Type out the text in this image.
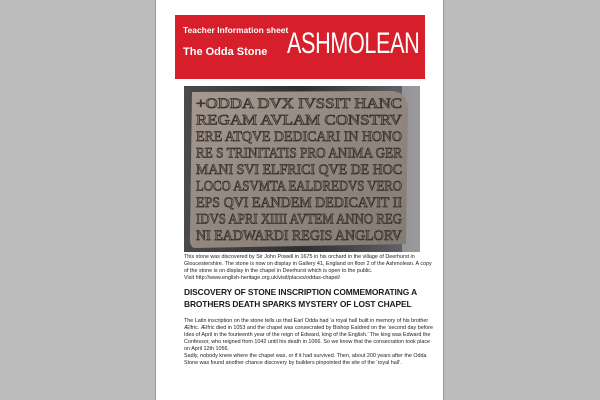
Teacher Information sheet
The Odda Stone ASHMOLEAN
+ODDA DVX IVSSIT HANC
REGAM AVLAM CONSTRV
ERE ATQVE DEDICARI IN HONO
RE S TRINITATIS PRO ANIMA GER
MANI SVI ELFRICI QVE DE HOC
LOCO ASVMTA EALDREDVS VERO
EPS QVI EANDEM DEDICAVIT II
IDVS APRI XIIII AVTEM ANNO REG
NI EADWARDI REGIS ANGLORV

This stone was discovered by Sir John Powell in 1675 in his orchard in the village of Deerhurst in Gloucestershire. The stone is now on display in Gallery 41, England on floor 2 of the Ashmolean. A copy of the stone is on display in the chapel in Deerhurst which is open to the public.

Visit http://www.english-heritage.org.uk/visit/places/oddas-chapel/

DISCOVERY OF STONE INSCRIPTION COMMEMORATING A BROTHERS DEATH SPARKS MYSTERY OF LOST CHAPEL

The Latin inscription on the stone tells us that Earl Odda had ‘a royal hall built in memory of his brother Ælfric. Ælfric died in 1053 and the chapel was consecrated by Bishop Ealdred on the ‘second day before Ides of April in the fourteenth year of the reign of Edward, king of the English.’ The king was Edward the Confessor, who reigned from 1042 until his death in 1066. So we know that the consecration took place on April 12th 1056.

Sadly, nobody knew where the chapel was, or if it had survived. Then, about 200 years after the Odda Stone was found another chance discovery by builders pinpointed the site of the ‘royal hall’.
